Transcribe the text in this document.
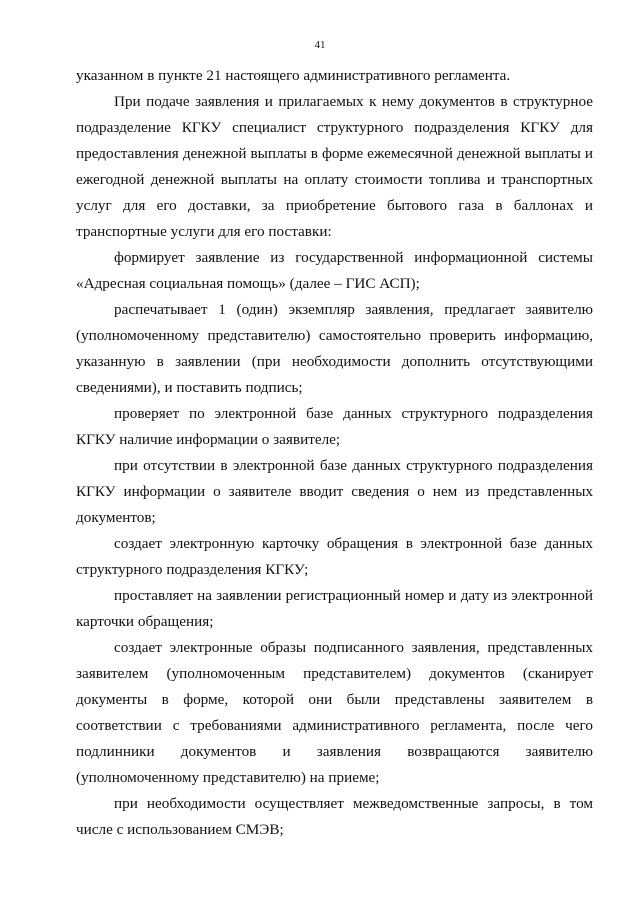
41

указанном в пункте 21 настоящего административного регламента.

При подаче заявления и прилагаемых к нему документов в структурное подразделение КГКУ специалист структурного подразделения КГКУ для предоставления денежной выплаты в форме ежемесячной денежной выплаты и ежегодной денежной выплаты на оплату стоимости топлива и транспортных услуг для его доставки, за приобретение бытового газа в баллонах и транспортные услуги для его поставки:

формирует заявление из государственной информационной системы «Адресная социальная помощь» (далее – ГИС АСП);

распечатывает 1 (один) экземпляр заявления, предлагает заявителю (уполномоченному представителю) самостоятельно проверить информацию, указанную в заявлении (при необходимости дополнить отсутствующими сведениями), и поставить подпись;

проверяет по электронной базе данных структурного подразделения КГКУ наличие информации о заявителе;

при отсутствии в электронной базе данных структурного подразделения КГКУ информации о заявителе вводит сведения о нем из представленных документов;

создает электронную карточку обращения в электронной базе данных структурного подразделения КГКУ;

проставляет на заявлении регистрационный номер и дату из электронной карточки обращения;

создает электронные образы подписанного заявления, представленных заявителем (уполномоченным представителем) документов (сканирует документы в форме, которой они были представлены заявителем в соответствии с требованиями административного регламента, после чего подлинники документов и заявления возвращаются заявителю (уполномоченному представителю) на приеме;

при необходимости осуществляет межведомственные запросы, в том числе с использованием СМЭВ;
